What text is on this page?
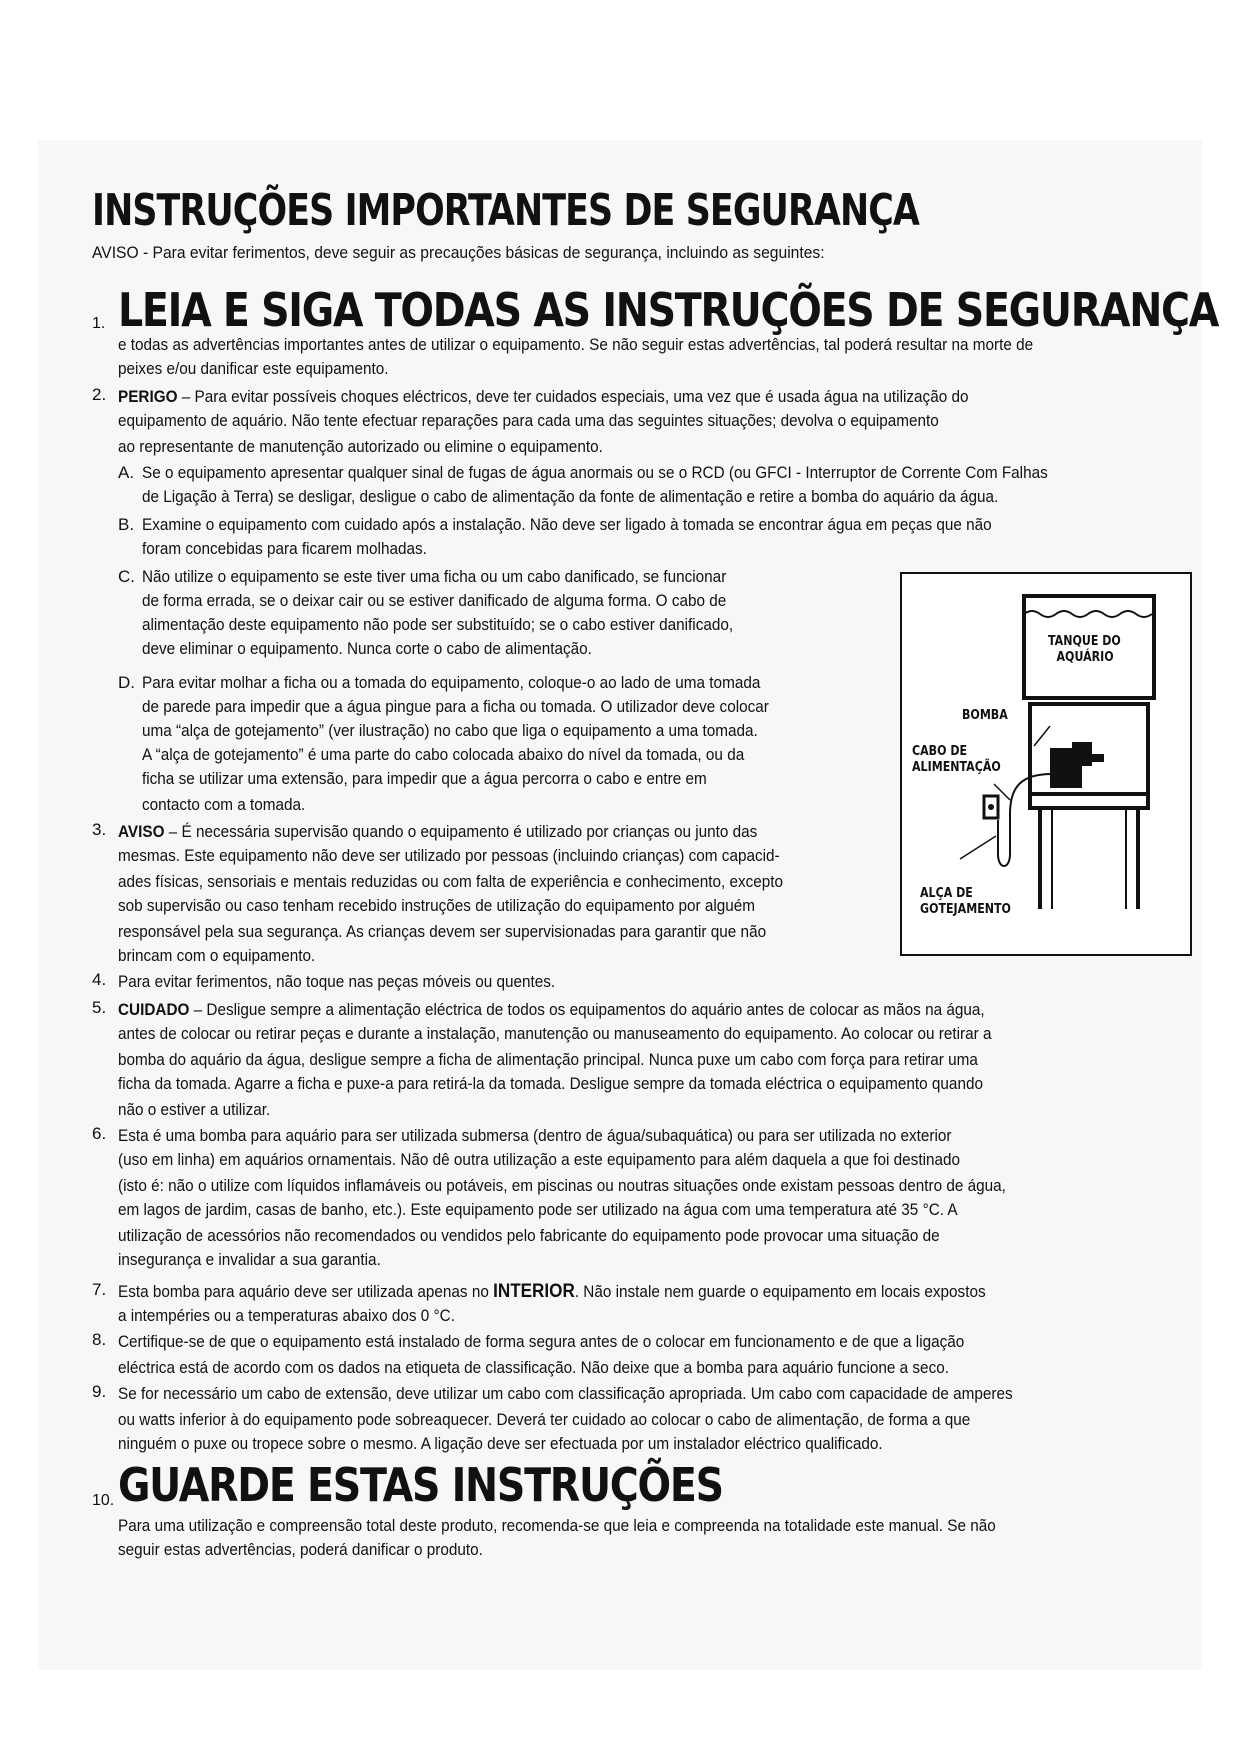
INSTRUÇÕES IMPORTANTES DE SEGURANÇA
AVISO - Para evitar ferimentos, deve seguir as precauções básicas de segurança, incluindo as seguintes:
1. LEIA E SIGA TODAS AS INSTRUÇÕES DE SEGURANÇA
e todas as advertências importantes antes de utilizar o equipamento. Se não seguir estas advertências, tal poderá resultar na morte de
peixes e/ou danificar este equipamento.
2. PERIGO – Para evitar possíveis choques eléctricos, deve ter cuidados especiais, uma vez que é usada água na utilização do
equipamento de aquário. Não tente efectuar reparações para cada uma das seguintes situações; devolva o equipamento
ao representante de manutenção autorizado ou elimine o equipamento.
A. Se o equipamento apresentar qualquer sinal de fugas de água anormais ou se o RCD (ou GFCI - Interruptor de Corrente Com Falhas
de Ligação à Terra) se desligar, desligue o cabo de alimentação da fonte de alimentação e retire a bomba do aquário da água.
B. Examine o equipamento com cuidado após a instalação. Não deve ser ligado à tomada se encontrar água em peças que não
foram concebidas para ficarem molhadas.
C. Não utilize o equipamento se este tiver uma ficha ou um cabo danificado, se funcionar
de forma errada, se o deixar cair ou se estiver danificado de alguma forma. O cabo de
alimentação deste equipamento não pode ser substituído; se o cabo estiver danificado,
deve eliminar o equipamento. Nunca corte o cabo de alimentação.
D. Para evitar molhar a ficha ou a tomada do equipamento, coloque-o ao lado de uma tomada
de parede para impedir que a água pingue para a ficha ou tomada. O utilizador deve colocar
uma “alça de gotejamento” (ver ilustração) no cabo que liga o equipamento a uma tomada.
A “alça de gotejamento” é uma parte do cabo colocada abaixo do nível da tomada, ou da
ficha se utilizar uma extensão, para impedir que a água percorra o cabo e entre em
contacto com a tomada.
3. AVISO – É necessária supervisão quando o equipamento é utilizado por crianças ou junto das
mesmas. Este equipamento não deve ser utilizado por pessoas (incluindo crianças) com capacid-
ades físicas, sensoriais e mentais reduzidas ou com falta de experiência e conhecimento, excepto
sob supervisão ou caso tenham recebido instruções de utilização do equipamento por alguém
responsável pela sua segurança. As crianças devem ser supervisionadas para garantir que não
brincam com o equipamento.
4. Para evitar ferimentos, não toque nas peças móveis ou quentes.
5. CUIDADO – Desligue sempre a alimentação eléctrica de todos os equipamentos do aquário antes de colocar as mãos na água,
antes de colocar ou retirar peças e durante a instalação, manutenção ou manuseamento do equipamento. Ao colocar ou retirar a
bomba do aquário da água, desligue sempre a ficha de alimentação principal. Nunca puxe um cabo com força para retirar uma
ficha da tomada. Agarre a ficha e puxe-a para retirá-la da tomada. Desligue sempre da tomada eléctrica o equipamento quando
não o estiver a utilizar.
6. Esta é uma bomba para aquário para ser utilizada submersa (dentro de água/subaquática) ou para ser utilizada no exterior
(uso em linha) em aquários ornamentais. Não dê outra utilização a este equipamento para além daquela a que foi destinado
(isto é: não o utilize com líquidos inflamáveis ou potáveis, em piscinas ou noutras situações onde existam pessoas dentro de água,
em lagos de jardim, casas de banho, etc.). Este equipamento pode ser utilizado na água com uma temperatura até 35 °C. A
utilização de acessórios não recomendados ou vendidos pelo fabricante do equipamento pode provocar uma situação de
insegurança e invalidar a sua garantia.
7. Esta bomba para aquário deve ser utilizada apenas no INTERIOR. Não instale nem guarde o equipamento em locais expostos
a intempéries ou a temperaturas abaixo dos 0 °C.
8. Certifique-se de que o equipamento está instalado de forma segura antes de o colocar em funcionamento e de que a ligação
eléctrica está de acordo com os dados na etiqueta de classificação. Não deixe que a bomba para aquário funcione a seco.
9. Se for necessário um cabo de extensão, deve utilizar um cabo com classificação apropriada. Um cabo com capacidade de amperes
ou watts inferior à do equipamento pode sobreaquecer. Deverá ter cuidado ao colocar o cabo de alimentação, de forma a que
ninguém o puxe ou tropece sobre o mesmo. A ligação deve ser efectuada por um instalador eléctrico qualificado.
10. GUARDE ESTAS INSTRUÇÕES
Para uma utilização e compreensão total deste produto, recomenda-se que leia e compreenda na totalidade este manual. Se não
seguir estas advertências, poderá danificar o produto.
TANQUE DO
AQUÁRIO
BOMBA
CABO DE
ALIMENTAÇÃO
ALÇA DE
GOTEJAMENTO
